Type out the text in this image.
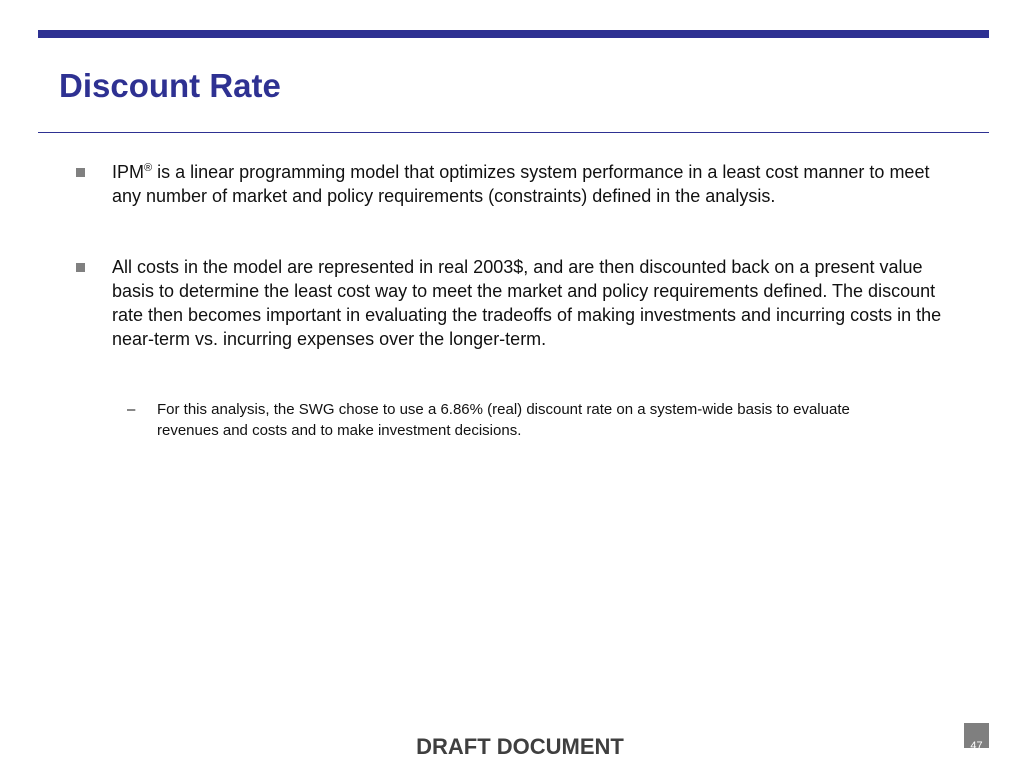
Discount Rate
IPM® is a linear programming model that optimizes system performance in a least cost manner to meet any number of market and policy requirements (constraints) defined in the analysis.
All costs in the model are represented in real 2003$, and are then discounted back on a present value basis to determine the least cost way to meet the market and policy requirements defined. The discount rate then becomes important in evaluating the tradeoffs of making investments and incurring costs in the near-term vs. incurring expenses over the longer-term.
– For this analysis, the SWG chose to use a 6.86% (real) discount rate on a system-wide basis to evaluate revenues and costs and to make investment decisions.
DRAFT DOCUMENT	47
